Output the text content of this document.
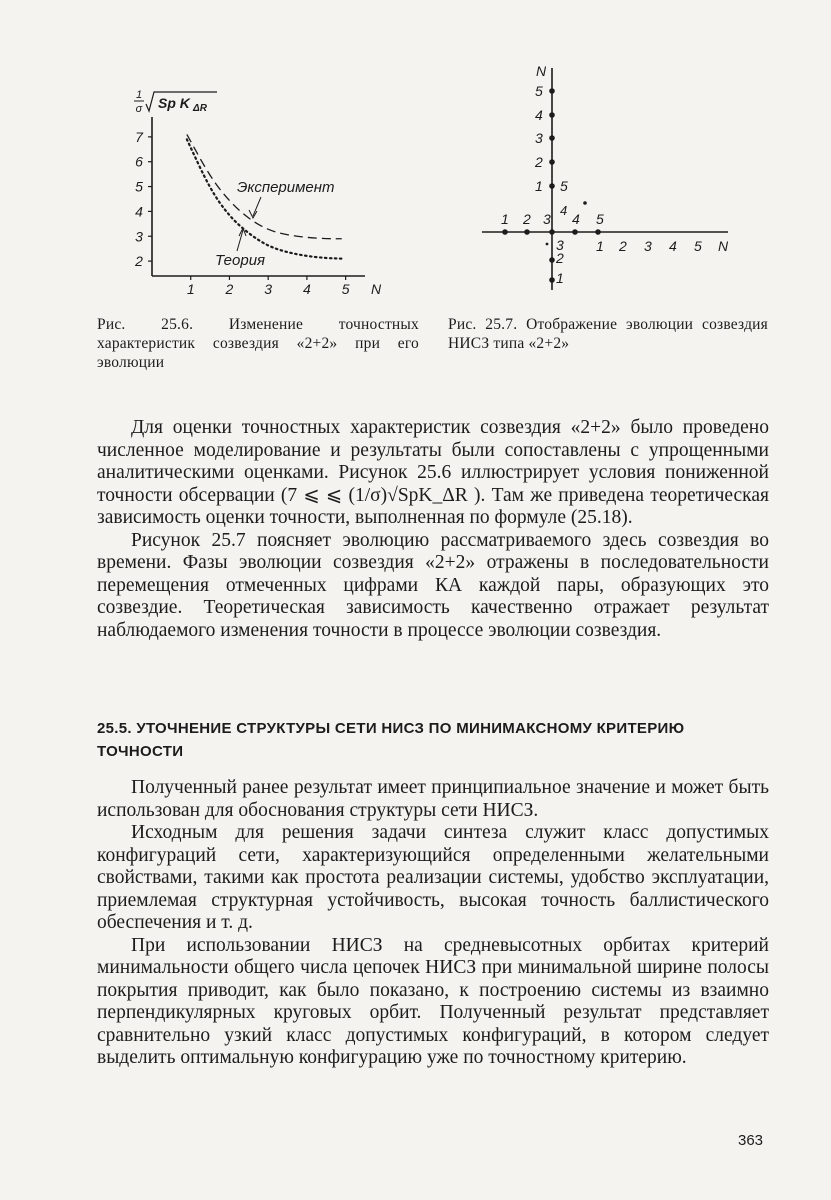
1
σ Sp K ΔR
2
3
4
5
6
7
1 2 3 4 5 N
Эксперимент
Теория
Рис. 25.6. Изменение точностных характеристик созвездия «2+2» при его эволюции
N
N
5
4
3
2
1
1 2 3
1 2 3 4 5
3
2
1
5
4
4 5
Рис. 25.7. Отображение эволюции созвездия НИСЗ типа «2+2»

Для оценки точностных характеристик созвездия «2+2» было проведено численное моделирование и результаты были сопоставлены с упрощенными аналитическими оценками. Рисунок 25.6 иллюстрирует условия пониженной точности обсервации (7 ⩽ ⩽ (1/σ)√SpK_ΔR ). Там же приведена теоретическая зависимость оценки точности, выполненная по формуле (25.18).

Рисунок 25.7 поясняет эволюцию рассматриваемого здесь созвездия во времени. Фазы эволюции созвездия «2+2» отражены в последовательности перемещения отмеченных цифрами КА каждой пары, образующих это созвездие. Теоретическая зависимость качественно отражает результат наблюдаемого изменения точности в процессе эволюции созвездия.

25.5. УТОЧНЕНИЕ СТРУКТУРЫ СЕТИ НИСЗ ПО МИНИМАКСНОМУ КРИТЕРИЮ ТОЧНОСТИ

Полученный ранее результат имеет принципиальное значение и может быть использован для обоснования структуры сети НИСЗ.

Исходным для решения задачи синтеза служит класс допустимых конфигураций сети, характеризующийся определенными желательными свойствами, такими как простота реализации системы, удобство эксплуатации, приемлемая структурная устойчивость, высокая точность баллистического обеспечения и т. д.

При использовании НИСЗ на средневысотных орбитах критерий минимальности общего числа цепочек НИСЗ при минимальной ширине полосы покрытия приводит, как было показано, к построению системы из взаимно перпендикулярных круговых орбит. Полученный результат представляет сравнительно узкий класс допустимых конфигураций, в котором следует выделить оптимальную конфигурацию уже по точностному критерию.

363
